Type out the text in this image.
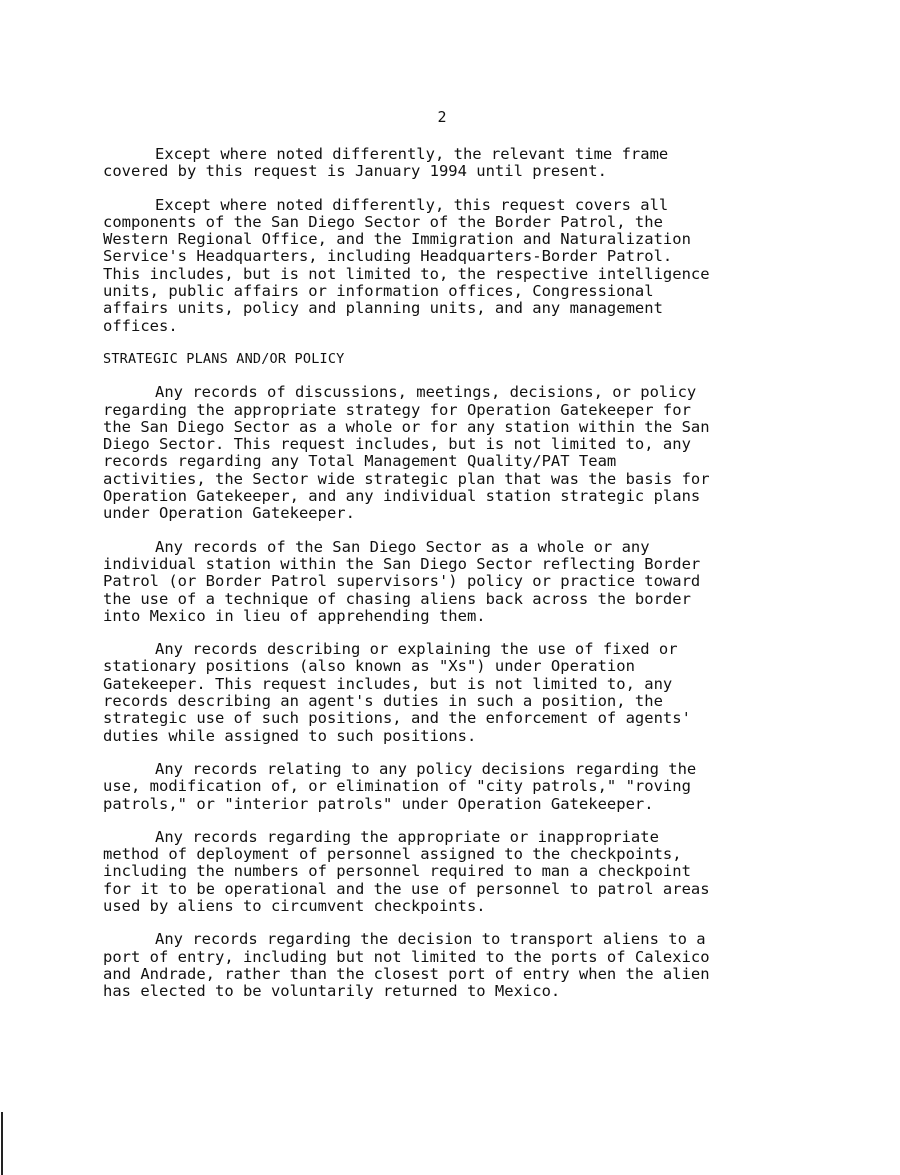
2

Except where noted differently, the relevant time frame
covered by this request is January 1994 until present.

Except where noted differently, this request covers all
components of the San Diego Sector of the Border Patrol, the
Western Regional Office, and the Immigration and Naturalization
Service's Headquarters, including Headquarters-Border Patrol.
This includes, but is not limited to, the respective intelligence
units, public affairs or information offices, Congressional
affairs units, policy and planning units, and any management
offices.

STRATEGIC PLANS AND/OR POLICY

Any records of discussions, meetings, decisions, or policy
regarding the appropriate strategy for Operation Gatekeeper for
the San Diego Sector as a whole or for any station within the San
Diego Sector. This request includes, but is not limited to, any
records regarding any Total Management Quality/PAT Team
activities, the Sector wide strategic plan that was the basis for
Operation Gatekeeper, and any individual station strategic plans
under Operation Gatekeeper.

Any records of the San Diego Sector as a whole or any
individual station within the San Diego Sector reflecting Border
Patrol (or Border Patrol supervisors') policy or practice toward
the use of a technique of chasing aliens back across the border
into Mexico in lieu of apprehending them.

Any records describing or explaining the use of fixed or
stationary positions (also known as "Xs") under Operation
Gatekeeper. This request includes, but is not limited to, any
records describing an agent's duties in such a position, the
strategic use of such positions, and the enforcement of agents'
duties while assigned to such positions.

Any records relating to any policy decisions regarding the
use, modification of, or elimination of "city patrols," "roving
patrols," or "interior patrols" under Operation Gatekeeper.

Any records regarding the appropriate or inappropriate
method of deployment of personnel assigned to the checkpoints,
including the numbers of personnel required to man a checkpoint
for it to be operational and the use of personnel to patrol areas
used by aliens to circumvent checkpoints.

Any records regarding the decision to transport aliens to a
port of entry, including but not limited to the ports of Calexico
and Andrade, rather than the closest port of entry when the alien
has elected to be voluntarily returned to Mexico.
